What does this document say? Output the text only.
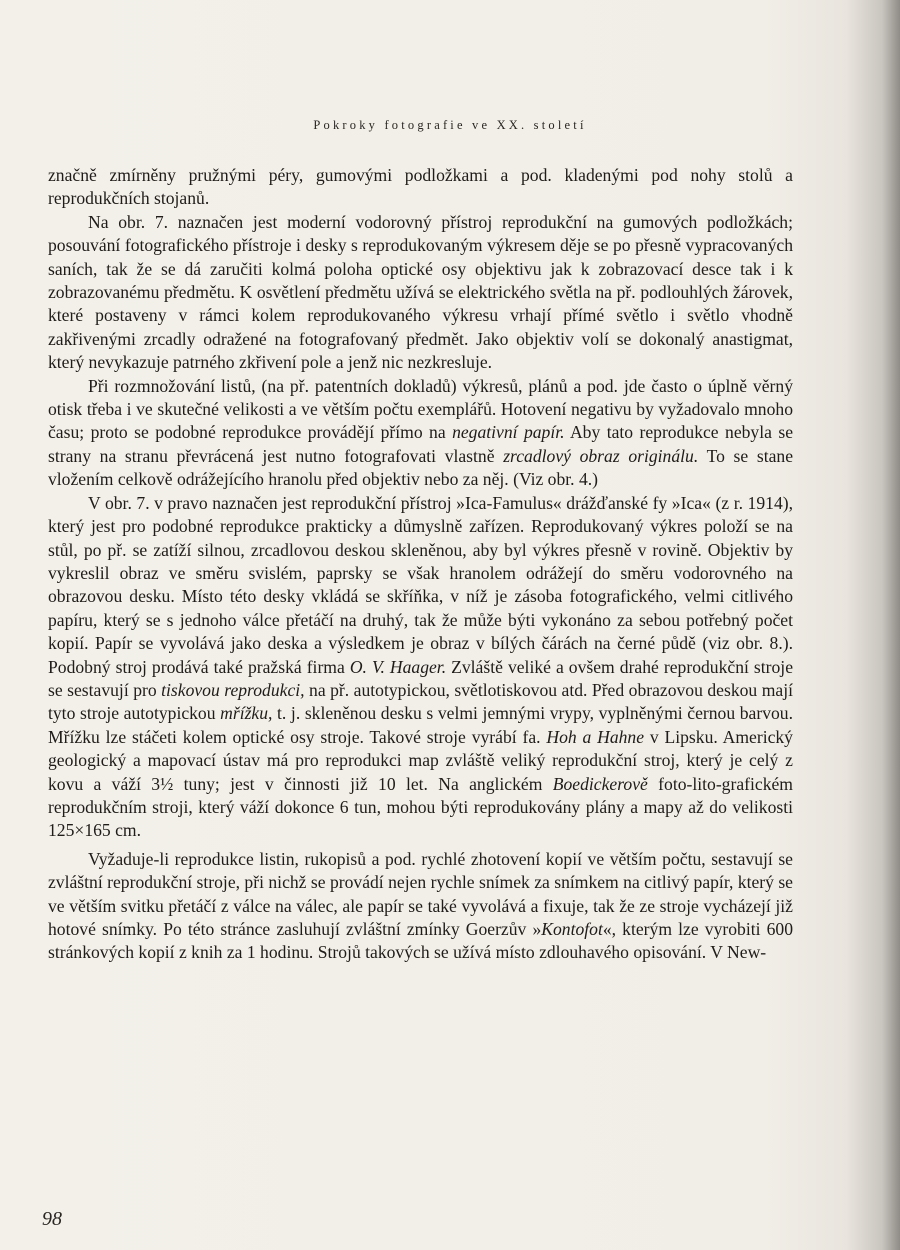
Pokroky fotografie ve XX. století

značně zmírněny pružnými péry, gumovými podložkami a pod. kladenými pod nohy stolů a reprodukčních stojanů.

Na obr. 7. naznačen jest moderní vodorovný přístroj reprodukční na gumových podložkách; posouvání fotografického přístroje i desky s reprodukovaným výkresem děje se po přesně vypracovaných saních, tak že se dá zaručiti kolmá poloha optické osy objektivu jak k zobrazovací desce tak i k zobrazovanému předmětu. K osvětlení předmětu užívá se elektrického světla na př. podlouhlých žárovek, které postaveny v rámci kolem reprodukovaného výkresu vrhají přímé světlo i světlo vhodně zakřivenými zrcadly odražené na fotografovaný předmět. Jako objektiv volí se dokonalý anastigmat, který nevykazuje patrného zkřivení pole a jenž nic nezkresluje.

Při rozmnožování listů, (na př. patentních dokladů) výkresů, plánů a pod. jde často o úplně věrný otisk třeba i ve skutečné velikosti a ve větším počtu exemplářů. Hotovení negativu by vyžadovalo mnoho času; proto se podobné reprodukce provádějí přímo na negativní papír. Aby tato reprodukce nebyla se strany na stranu převrácená jest nutno fotografovati vlastně zrcadlový obraz originálu. To se stane vložením celkově odrážejícího hranolu před objektiv nebo za něj. (Viz obr. 4.)

V obr. 7. v pravo naznačen jest reprodukční přístroj »Ica-Famulus« drážďanské fy »Ica« (z r. 1914), který jest pro podobné reprodukce prakticky a důmyslně zařízen. Reprodukovaný výkres položí se na stůl, po př. se zatíží silnou, zrcadlovou deskou skleněnou, aby byl výkres přesně v rovině. Objektiv by vykreslil obraz ve směru svislém, paprsky se však hranolem odrážejí do směru vodorovného na obrazovou desku. Místo této desky vkládá se skříňka, v níž je zásoba fotografického, velmi citlivého papíru, který se s jednoho válce přetáčí na druhý, tak že může býti vykonáno za sebou potřebný počet kopií. Papír se vyvolává jako deska a výsledkem je obraz v bílých čárách na černé půdě (viz obr. 8.). Podobný stroj prodává také pražská firma O. V. Haager. Zvláště veliké a ovšem drahé reprodukční stroje se sestavují pro tiskovou reprodukci, na př. autotypickou, světlotiskovou atd. Před obrazovou deskou mají tyto stroje autotypickou mřížku, t. j. skleněnou desku s velmi jemnými vrypy, vyplněnými černou barvou. Mřížku lze stáčeti kolem optické osy stroje. Takové stroje vyrábí fa. Hoh a Hahne v Lipsku. Americký geologický a mapovací ústav má pro reprodukci map zvláště veliký reprodukční stroj, který je celý z kovu a váží 3½ tuny; jest v činnosti již 10 let. Na anglickém Boedickerově foto-lito-grafickém reprodukčním stroji, který váží dokonce 6 tun, mohou býti reprodukovány plány a mapy až do velikosti 125×165 cm.

Vyžaduje-li reprodukce listin, rukopisů a pod. rychlé zhotovení kopií ve větším počtu, sestavují se zvláštní reprodukční stroje, při nichž se provádí nejen rychle snímek za snímkem na citlivý papír, který se ve větším svitku přetáčí z válce na válec, ale papír se také vyvolává a fixuje, tak že ze stroje vycházejí již hotové snímky. Po této stránce zasluhují zvláštní zmínky Goerzův »Kontofot«, kterým lze vyrobiti 600 stránkových kopií z knih za 1 hodinu. Strojů takových se užívá místo zdlouhavého opisování. V New-

98
